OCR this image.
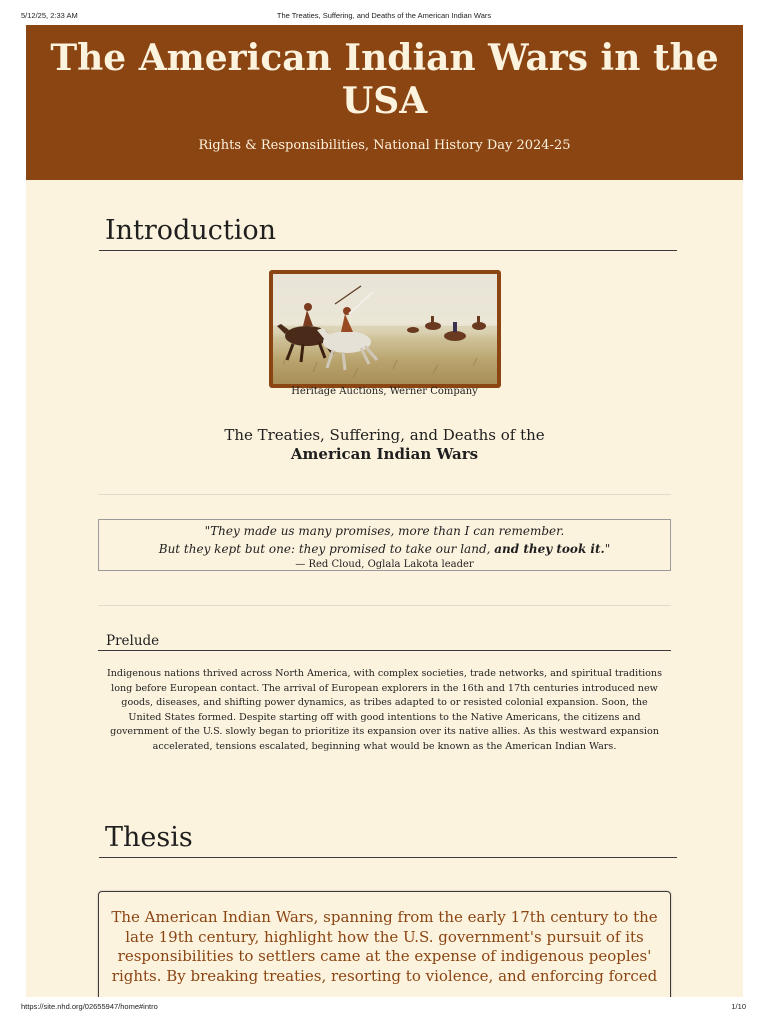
5/12/25, 2:33 AM	The Treaties, Suffering, and Deaths of the American Indian Wars
The American Indian Wars in the USA
Rights & Responsibilities, National History Day 2024-25
Introduction
Heritage Auctions, Werner Company
The Treaties, Suffering, and Deaths of the
American Indian Wars
"They made us many promises, more than I can remember.
But they kept but one: they promised to take our land, and they took it."
— Red Cloud, Oglala Lakota leader
Prelude
Indigenous nations thrived across North America, with complex societies, trade networks, and spiritual traditions long before European contact. The arrival of European explorers in the 16th and 17th centuries introduced new goods, diseases, and shifting power dynamics, as tribes adapted to or resisted colonial expansion. Soon, the United States formed. Despite starting off with good intentions to the Native Americans, the citizens and government of the U.S. slowly began to prioritize its expansion over its native allies. As this westward expansion accelerated, tensions escalated, beginning what would be known as the American Indian Wars.
Thesis
The American Indian Wars, spanning from the early 17th century to the late 19th century, highlight how the U.S. government's pursuit of its responsibilities to settlers came at the expense of indigenous peoples' rights. By breaking treaties, resorting to violence, and enforcing forced
https://site.nhd.org/02655947/home#intro	1/10
